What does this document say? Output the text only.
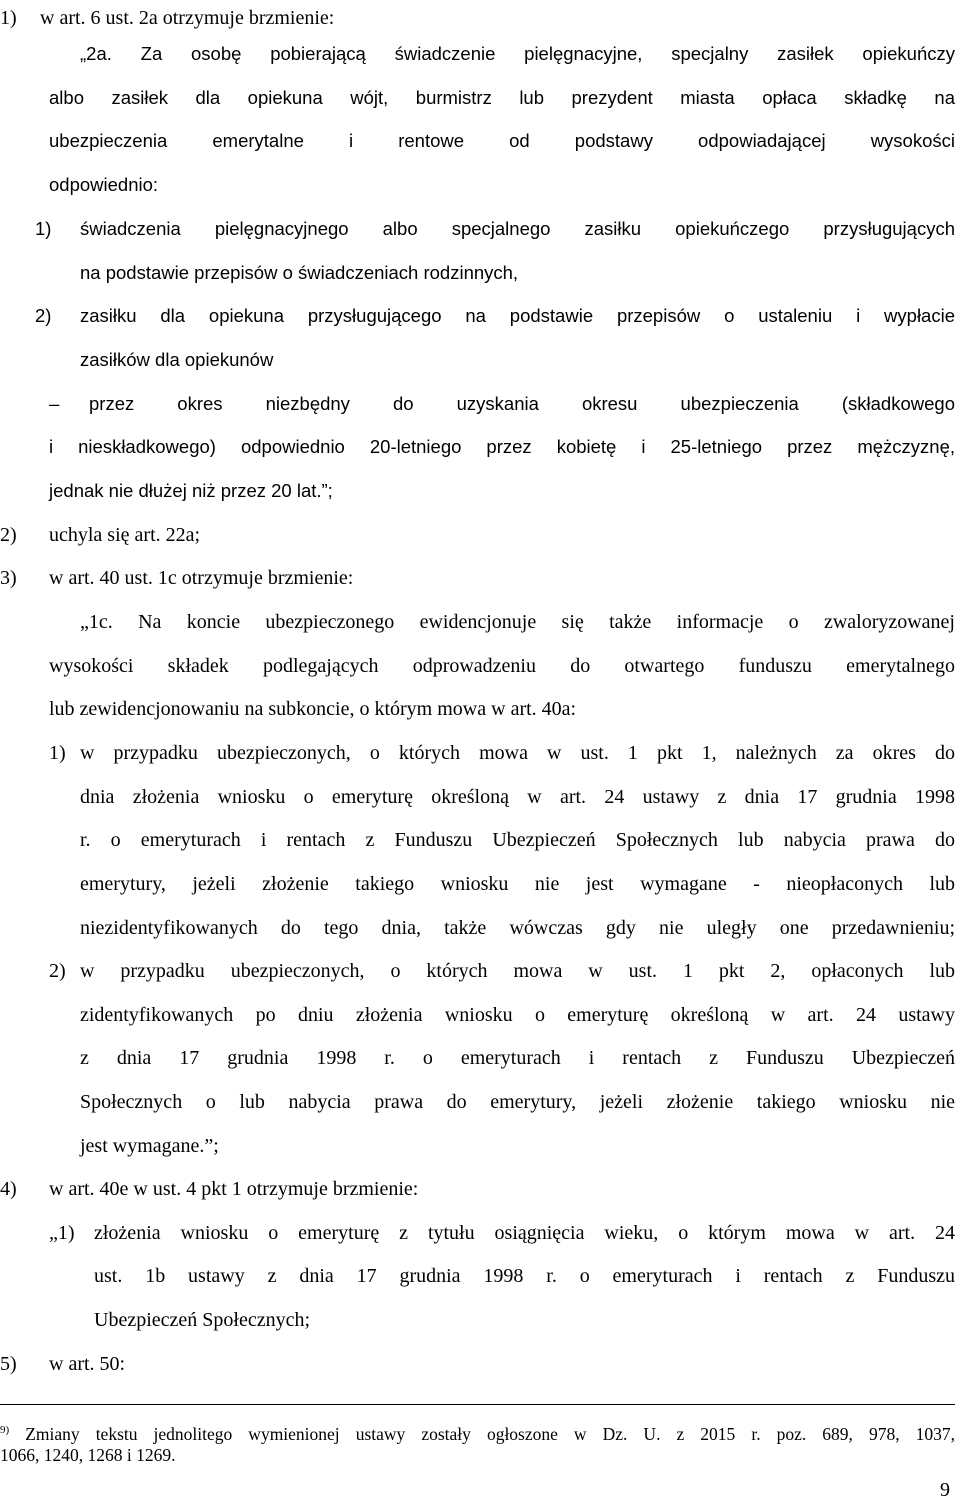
1) w art. 6 ust. 2a otrzymuje brzmienie:
„2a. Za osobę pobierającą świadczenie pielęgnacyjne, specjalny zasiłek opiekuńczy
albo zasiłek dla opiekuna wójt, burmistrz lub prezydent miasta opłaca składkę na
ubezpieczenia emerytalne i rentowe od podstawy odpowiadającej wysokości
odpowiednio:
1) świadczenia pielęgnacyjnego albo specjalnego zasiłku opiekuńczego przysługujących
na podstawie przepisów o świadczeniach rodzinnych,
2) zasiłku dla opiekuna przysługującego na podstawie przepisów o ustaleniu i wypłacie
zasiłków dla opiekunów
– przez okres niezbędny do uzyskania okresu ubezpieczenia (składkowego
i nieskładkowego) odpowiednio 20-letniego przez kobietę i 25-letniego przez mężczyznę,
jednak nie dłużej niż przez 20 lat.”;
2) uchyla się art. 22a;
3) w art. 40 ust. 1c otrzymuje brzmienie:
„1c. Na koncie ubezpieczonego ewidencjonuje się także informacje o zwaloryzowanej
wysokości składek podlegających odprowadzeniu do otwartego funduszu emerytalnego
lub zewidencjonowaniu na subkoncie, o którym mowa w art. 40a:
1) w przypadku ubezpieczonych, o których mowa w ust. 1 pkt 1, należnych za okres do
dnia złożenia wniosku o emeryturę określoną w art. 24 ustawy z dnia 17 grudnia 1998
r. o emeryturach i rentach z Funduszu Ubezpieczeń Społecznych lub nabycia prawa do
emerytury, jeżeli złożenie takiego wniosku nie jest wymagane - nieopłaconych lub
niezidentyfikowanych do tego dnia, także wówczas gdy nie uległy one przedawnieniu;
2) w przypadku ubezpieczonych, o których mowa w ust. 1 pkt 2, opłaconych lub
zidentyfikowanych po dniu złożenia wniosku o emeryturę określoną w art. 24 ustawy
z dnia 17 grudnia 1998 r. o emeryturach i rentach z Funduszu Ubezpieczeń
Społecznych o lub nabycia prawa do emerytury, jeżeli złożenie takiego wniosku nie
jest wymagane.”;
4) w art. 40e w ust. 4 pkt 1 otrzymuje brzmienie:
„1) złożenia wniosku o emeryturę z tytułu osiągnięcia wieku, o którym mowa w art. 24
ust. 1b ustawy z dnia 17 grudnia 1998 r. o emeryturach i rentach z Funduszu
Ubezpieczeń Społecznych;
5) w art. 50:
$^{9)}$ Zmiany tekstu jednolitego wymienionej ustawy zostały ogłoszone w Dz. U. z 2015 r. poz. 689, 978, 1037,
1066, 1240, 1268 i 1269.
9
